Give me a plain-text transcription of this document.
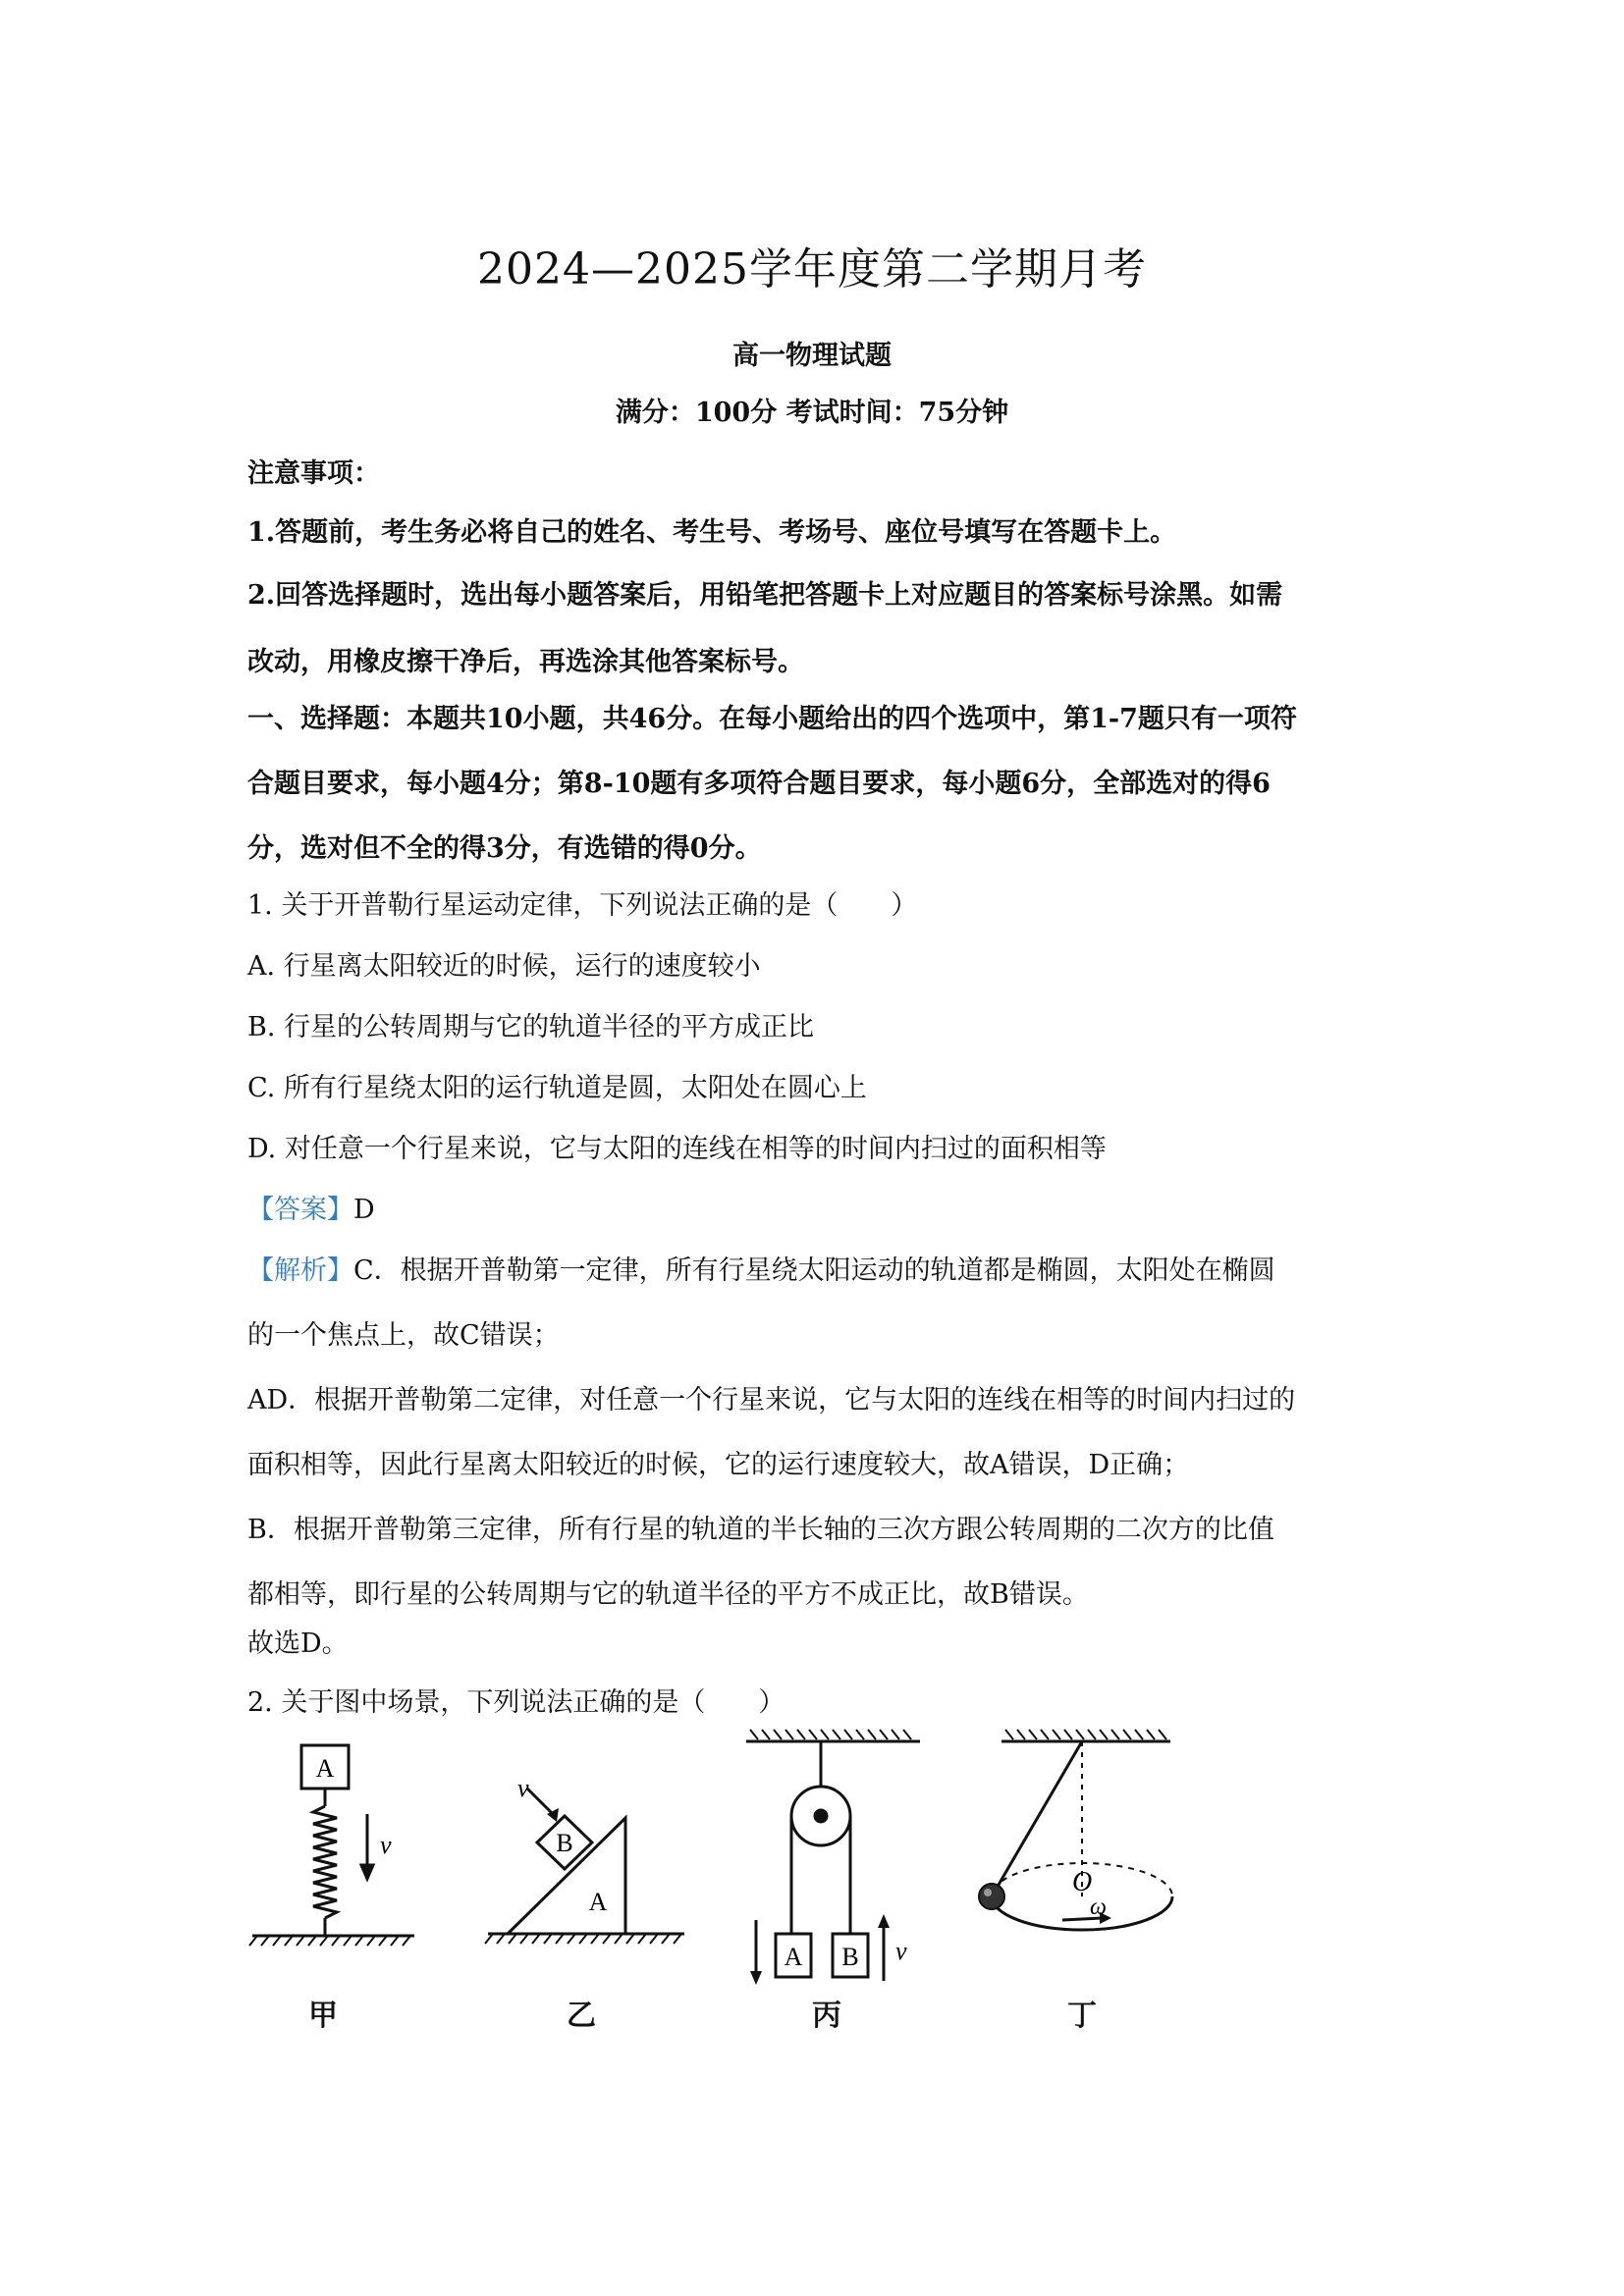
2024—2025学年度第二学期月考
高一物理试题
满分：100分 考试时间：75分钟
注意事项：
1.答题前，考生务必将自己的姓名、考生号、考场号、座位号填写在答题卡上。
2.回答选择题时，选出每小题答案后，用铅笔把答题卡上对应题目的答案标号涂黑。如需
改动，用橡皮擦干净后，再选涂其他答案标号。
一、选择题：本题共10小题，共46分。在每小题给出的四个选项中，第1-7题只有一项符
合题目要求，每小题4分；第8-10题有多项符合题目要求，每小题6分，全部选对的得6
分，选对但不全的得3分，有选错的得0分。
1. 关于开普勒行星运动定律，下列说法正确的是（　　）
A. 行星离太阳较近的时候，运行的速度较小
B. 行星的公转周期与它的轨道半径的平方成正比
C. 所有行星绕太阳的运行轨道是圆，太阳处在圆心上
D. 对任意一个行星来说，它与太阳的连线在相等的时间内扫过的面积相等
【答案】D
【解析】C．根据开普勒第一定律，所有行星绕太阳运动的轨道都是椭圆，太阳处在椭圆
的一个焦点上，故C错误；
AD．根据开普勒第二定律，对任意一个行星来说，它与太阳的连线在相等的时间内扫过的
面积相等，因此行星离太阳较近的时候，它的运行速度较大，故A错误，D正确；
B．根据开普勒第三定律，所有行星的轨道的半长轴的三次方跟公转周期的二次方的比值
都相等，即行星的公转周期与它的轨道半径的平方不成正比，故B错误。
故选D。
2. 关于图中场景，下列说法正确的是（　　）
A
v	B
A
v
A B v
O
ω
甲	乙	丙	丁
